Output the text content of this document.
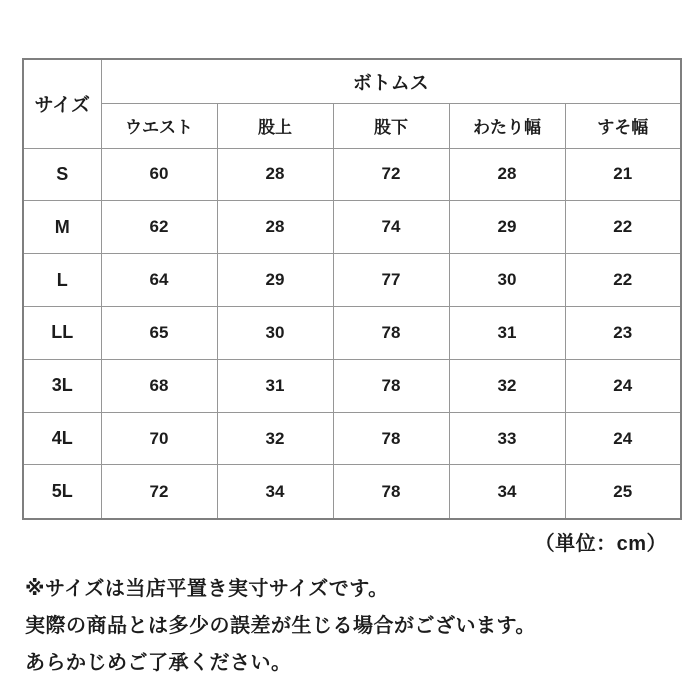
サイズ	ボトムス				
	ウエスト	股上	股下	わたり幅	すそ幅
S	60	28	72	28	21
M	62	28	74	29	22
L	64	29	77	30	22
LL	65	30	78	31	23
3L	68	31	78	32	24
4L	70	32	78	33	24
5L	72	34	78	34	25
（単位：cm）
※サイズは当店平置き実寸サイズです。
実際の商品とは多少の誤差が生じる場合がございます。
あらかじめご了承ください。
